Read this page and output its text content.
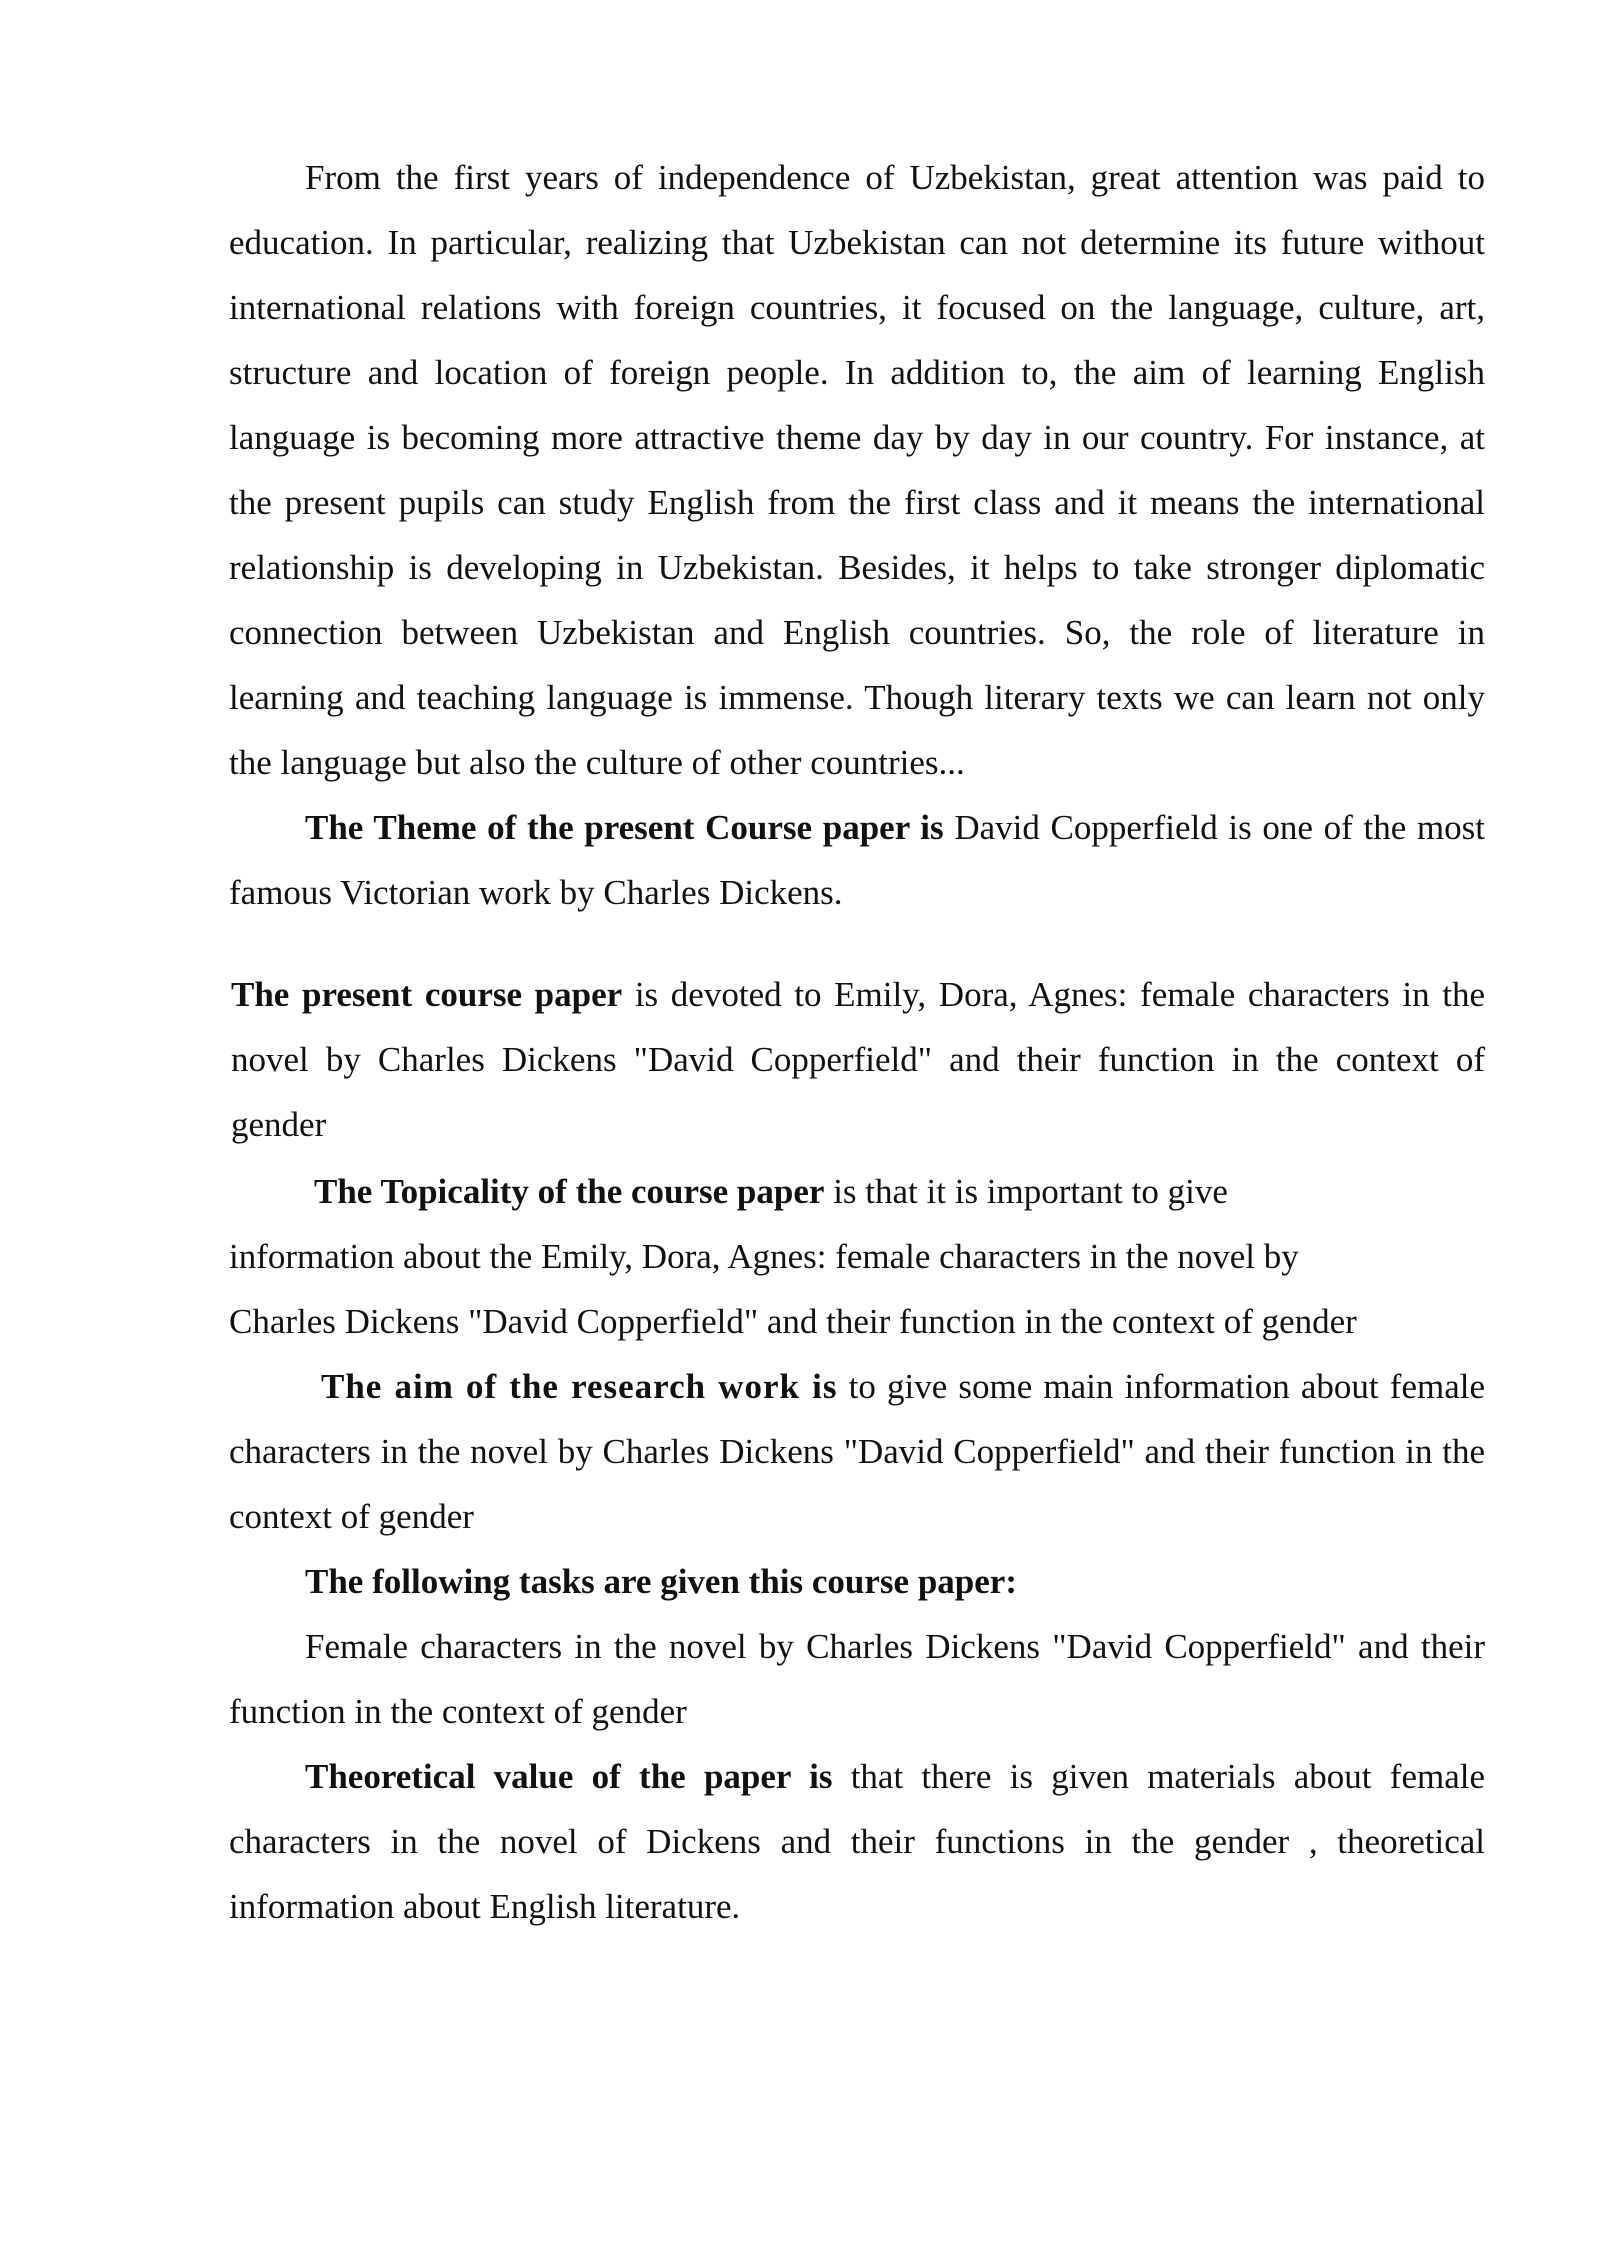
From the first years of independence of Uzbekistan, great attention was paid to education. In particular, realizing that Uzbekistan can not determine its future without international relations with foreign countries, it focused on the language, culture, art, structure and location of foreign people. In addition to, the aim of learning English language is becoming more attractive theme day by day in our country. For instance, at the present pupils can study English from the first class and it means the international relationship is developing in Uzbekistan. Besides, it helps to take stronger diplomatic connection between Uzbekistan and English countries. So, the role of literature in learning and teaching language is immense. Though literary texts we can learn not only the language but also the culture of other countries...

The Theme of the present Course paper is David Copperfield is one of the most famous Victorian work by Charles Dickens.

The present course paper is devoted to Emily, Dora, Agnes: female characters in the novel by Charles Dickens "David Copperfield" and their function in the context of gender

The Topicality of the course paper is that it is important to give

information about the Emily, Dora, Agnes: female characters in the novel by

Charles Dickens "David Copperfield" and their function in the context of gender

The aim of the research work is to give some main information about female characters in the novel by Charles Dickens "David Copperfield" and their function in the context of gender

The following tasks are given this course paper:

Female characters in the novel by Charles Dickens "David Copperfield" and their function in the context of gender

Theoretical value of the paper is that there is given materials about female characters in the novel of Dickens and their functions in the gender , theoretical information about English literature.
